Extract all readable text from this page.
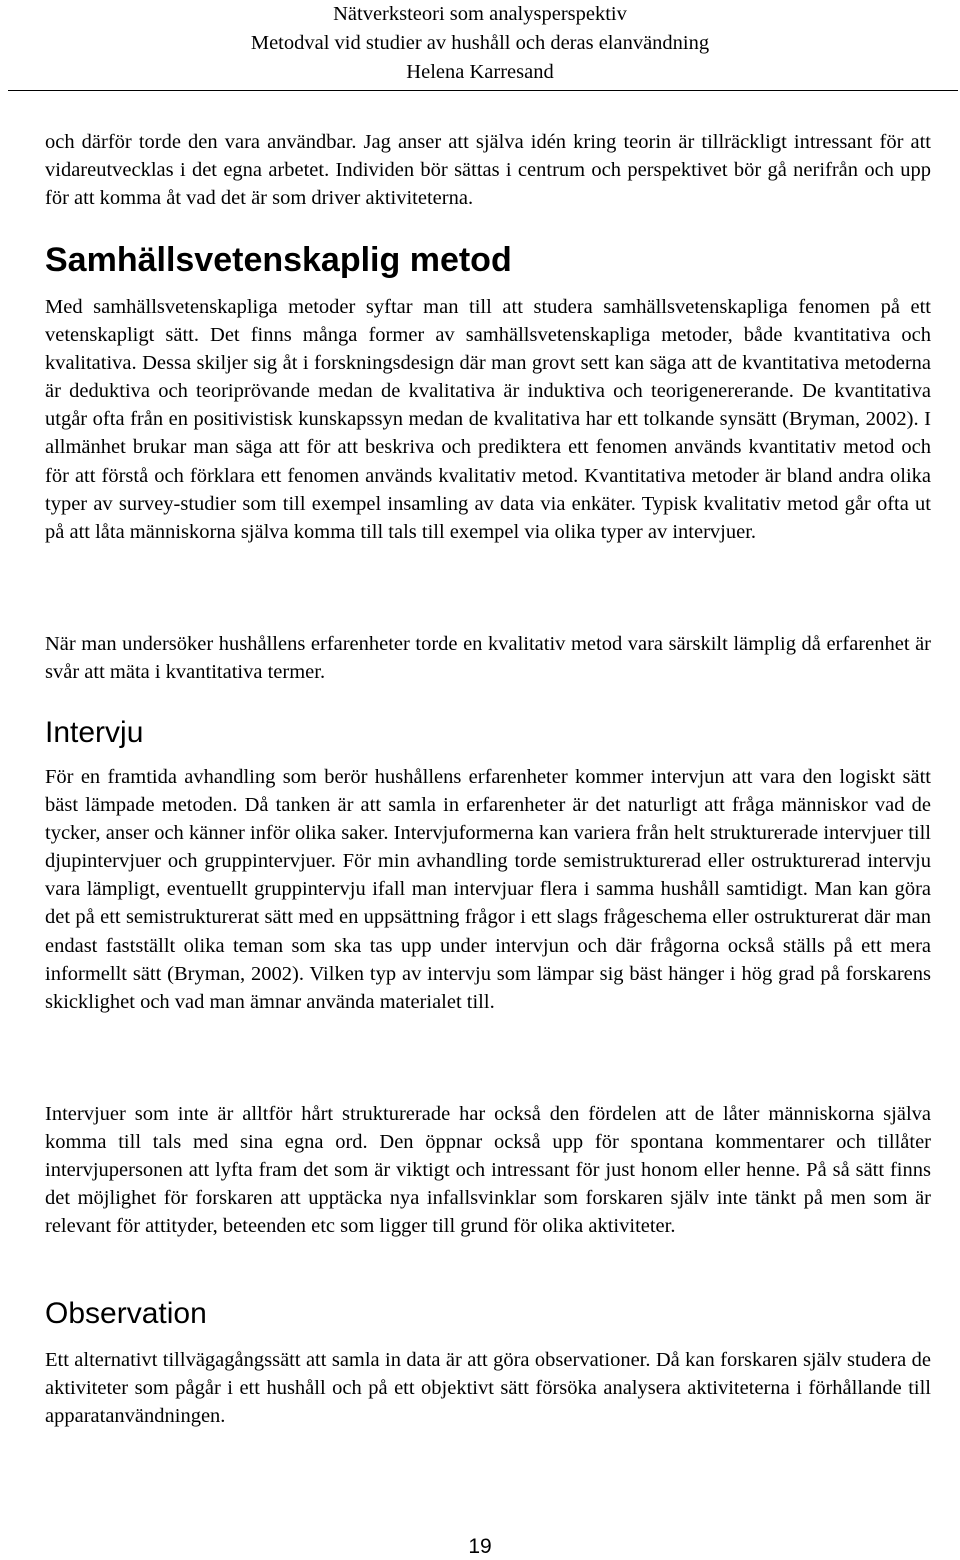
Nätverksteori som analysperspektiv
Metodval vid studier av hushåll och deras elanvändning
Helena Karresand

och därför torde den vara användbar. Jag anser att själva idén kring teorin är tillräckligt intressant för att vidareutvecklas i det egna arbetet. Individen bör sättas i centrum och perspektivet bör gå nerifrån och upp för att komma åt vad det är som driver aktiviteterna.

Samhällsvetenskaplig metod

Med samhällsvetenskapliga metoder syftar man till att studera samhällsvetenskapliga fenomen på ett vetenskapligt sätt. Det finns många former av samhällsvetenskapliga metoder, både kvantitativa och kvalitativa. Dessa skiljer sig åt i forskningsdesign där man grovt sett kan säga att de kvantitativa metoderna är deduktiva och teoriprövande medan de kvalitativa är induktiva och teorigenererande. De kvantitativa utgår ofta från en positivistisk kunskapssyn medan de kvalitativa har ett tolkande synsätt (Bryman, 2002). I allmänhet brukar man säga att för att beskriva och prediktera ett fenomen används kvantitativ metod och för att förstå och förklara ett fenomen används kvalitativ metod. Kvantitativa metoder är bland andra olika typer av survey-studier som till exempel insamling av data via enkäter. Typisk kvalitativ metod går ofta ut på att låta människorna själva komma till tals till exempel via olika typer av intervjuer.

När man undersöker hushållens erfarenheter torde en kvalitativ metod vara särskilt lämplig då erfarenhet är svår att mäta i kvantitativa termer.

Intervju

För en framtida avhandling som berör hushållens erfarenheter kommer intervjun att vara den logiskt sätt bäst lämpade metoden. Då tanken är att samla in erfarenheter är det naturligt att fråga människor vad de tycker, anser och känner inför olika saker. Intervjuformerna kan variera från helt strukturerade intervjuer till djupintervjuer och gruppintervjuer. För min avhandling torde semistrukturerad eller ostrukturerad intervju vara lämpligt, eventuellt gruppintervju ifall man intervjuar flera i samma hushåll samtidigt. Man kan göra det på ett semistrukturerat sätt med en uppsättning frågor i ett slags frågeschema eller ostrukturerat där man endast fastställt olika teman som ska tas upp under intervjun och där frågorna också ställs på ett mera informellt sätt (Bryman, 2002). Vilken typ av intervju som lämpar sig bäst hänger i hög grad på forskarens skicklighet och vad man ämnar använda materialet till.

Intervjuer som inte är alltför hårt strukturerade har också den fördelen att de låter människorna själva komma till tals med sina egna ord. Den öppnar också upp för spontana kommentarer och tillåter intervjupersonen att lyfta fram det som är viktigt och intressant för just honom eller henne. På så sätt finns det möjlighet för forskaren att upptäcka nya infallsvinklar som forskaren själv inte tänkt på men som är relevant för attityder, beteenden etc som ligger till grund för olika aktiviteter.

Observation

Ett alternativt tillvägagångssätt att samla in data är att göra observationer. Då kan forskaren själv studera de aktiviteter som pågår i ett hushåll och på ett objektivt sätt försöka analysera aktiviteterna i förhållande till apparatanvändningen.

19
